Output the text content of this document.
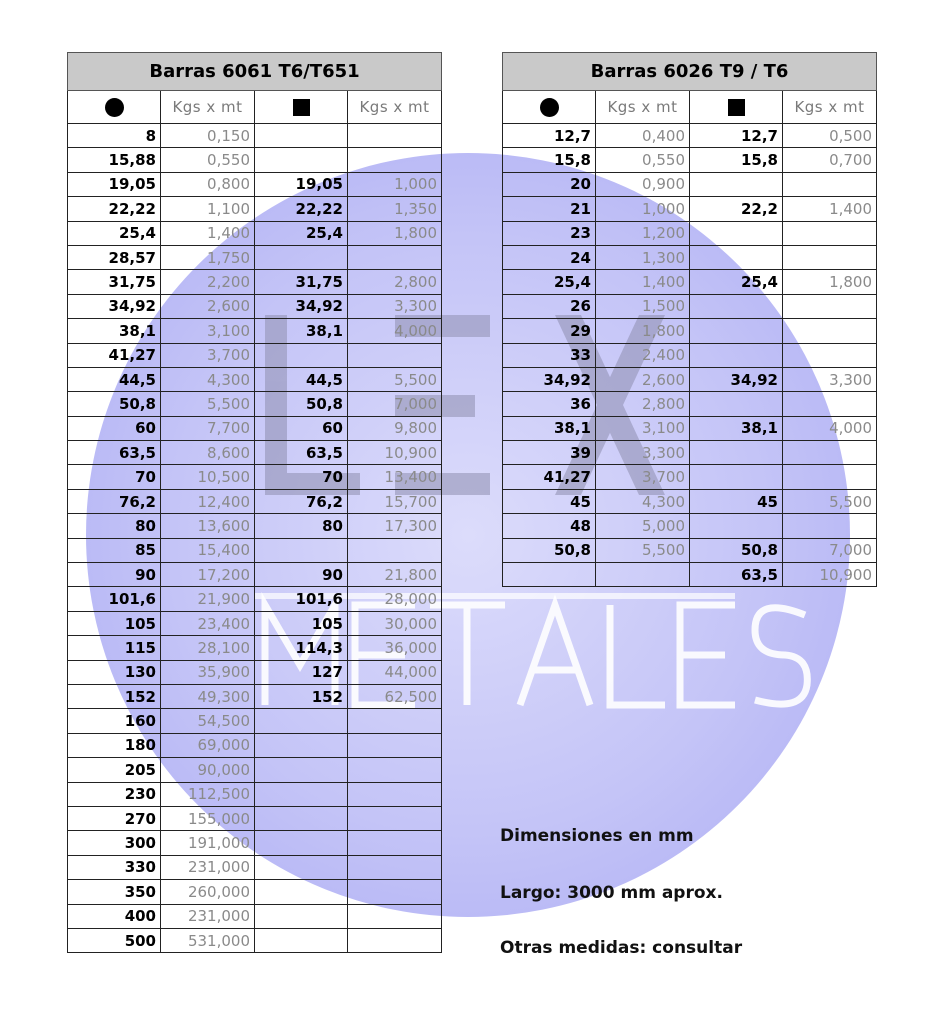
Barras 6061 T6/T651			
	Kgs x mt		Kgs x mt
8	0,150		
15,88	0,550		
19,05	0,800	19,05	1,000
22,22	1,100	22,22	1,350
25,4	1,400	25,4	1,800
28,57	1,750		
31,75	2,200	31,75	2,800
34,92	2,600	34,92	3,300
38,1	3,100	38,1	4,000
41,27	3,700		
44,5	4,300	44,5	5,500
50,8	5,500	50,8	7,000
60	7,700	60	9,800
63,5	8,600	63,5	10,900
70	10,500	70	13,400
76,2	12,400	76,2	15,700
80	13,600	80	17,300
85	15,400		
90	17,200	90	21,800
101,6	21,900	101,6	28,000
105	23,400	105	30,000
115	28,100	114,3	36,000
130	35,900	127	44,000
152	49,300	152	62,500
160	54,500		
180	69,000		
205	90,000		
230	112,500		
270	155,000		
300	191,000		
330	231,000		
350	260,000		
400	231,000		
500	531,000		
Barras 6026 T9 / T6			
	Kgs x mt		Kgs x mt
12,7	0,400	12,7	0,500
15,8	0,550	15,8	0,700
20	0,900		
21	1,000	22,2	1,400
23	1,200		
24	1,300		
25,4	1,400	25,4	1,800
26	1,500		
29	1,800		
33	2,400		
34,92	2,600	34,92	3,300
36	2,800		
38,1	3,100	38,1	4,000
39	3,300		
41,27	3,700		
45	4,300	45	5,500
48	5,000		
50,8	5,500	50,8	7,000
		63,5	10,900
Dimensiones en mm
Largo: 3000 mm aprox.
Otras medidas: consultar
